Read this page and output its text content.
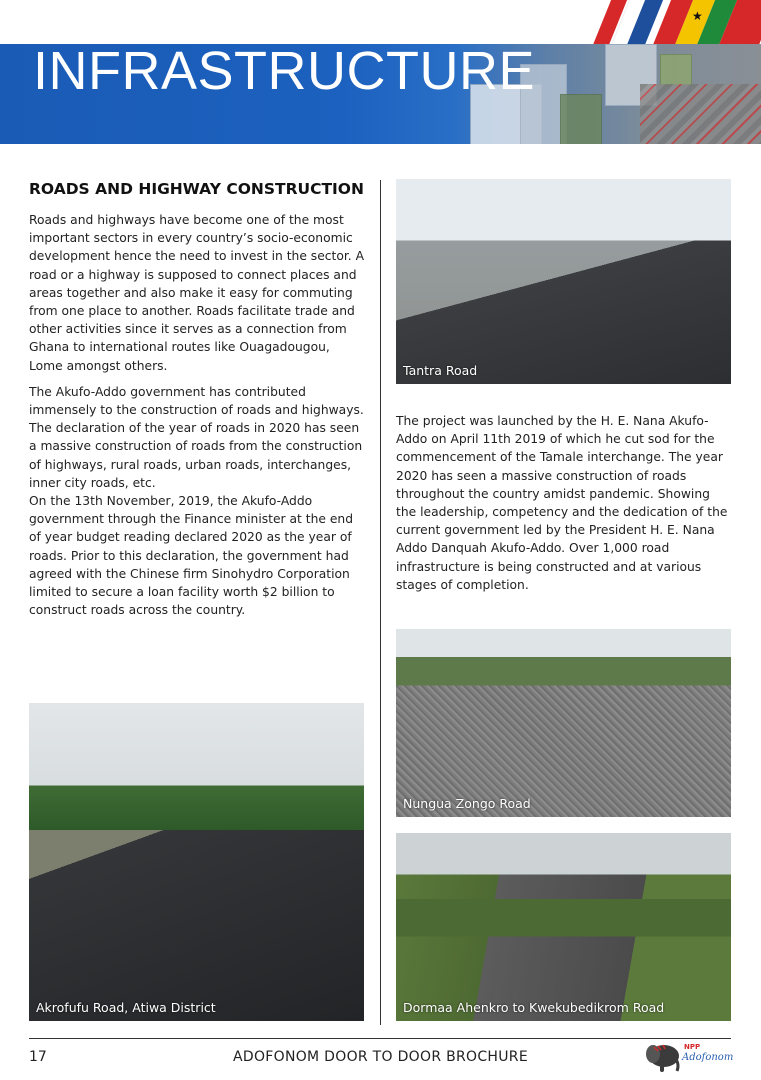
★
INFRASTRUCTURE
ROADS AND HIGHWAY CONSTRUCTION

Roads and highways have become one of the most important sectors in every country’s socio-economic development hence the need to invest in the sector. A road or a highway is supposed to connect places and areas together and also make it easy for commuting from one place to another. Roads facilitate trade and other activities since it serves as a connection from Ghana to international routes like Ouagadougou, Lome amongst others.

The Akufo-Addo government has contributed immensely to the construction of roads and highways. The declaration of the year of roads in 2020 has seen a massive construction of roads from the construction of highways, rural roads, urban roads, interchanges, inner city roads, etc.

On the 13th November, 2019, the Akufo-Addo government through the Finance minister at the end of year budget reading declared 2020 as the year of roads. Prior to this declaration, the government had agreed with the Chinese firm Sinohydro Corporation limited to secure a loan facility worth $2 billion to construct roads across the country.

Tantra Road

The project was launched by the H. E. Nana Akufo-Addo on April 11th 2019 of which he cut sod for the commencement of the Tamale interchange. The year 2020 has seen a massive construction of roads throughout the country amidst pandemic. Showing the leadership, competency and the dedication of the current government led by the President H. E. Nana Addo Danquah Akufo-Addo. Over 1,000 road infrastructure is being constructed and at various stages of completion.

Nungua Zongo Road
Dormaa Ahenkro to Kwekubedikrom Road
Akrofufu Road, Atiwa District
17	ADOFONOM DOOR TO DOOR BROCHURE
NPP
Adofonom
